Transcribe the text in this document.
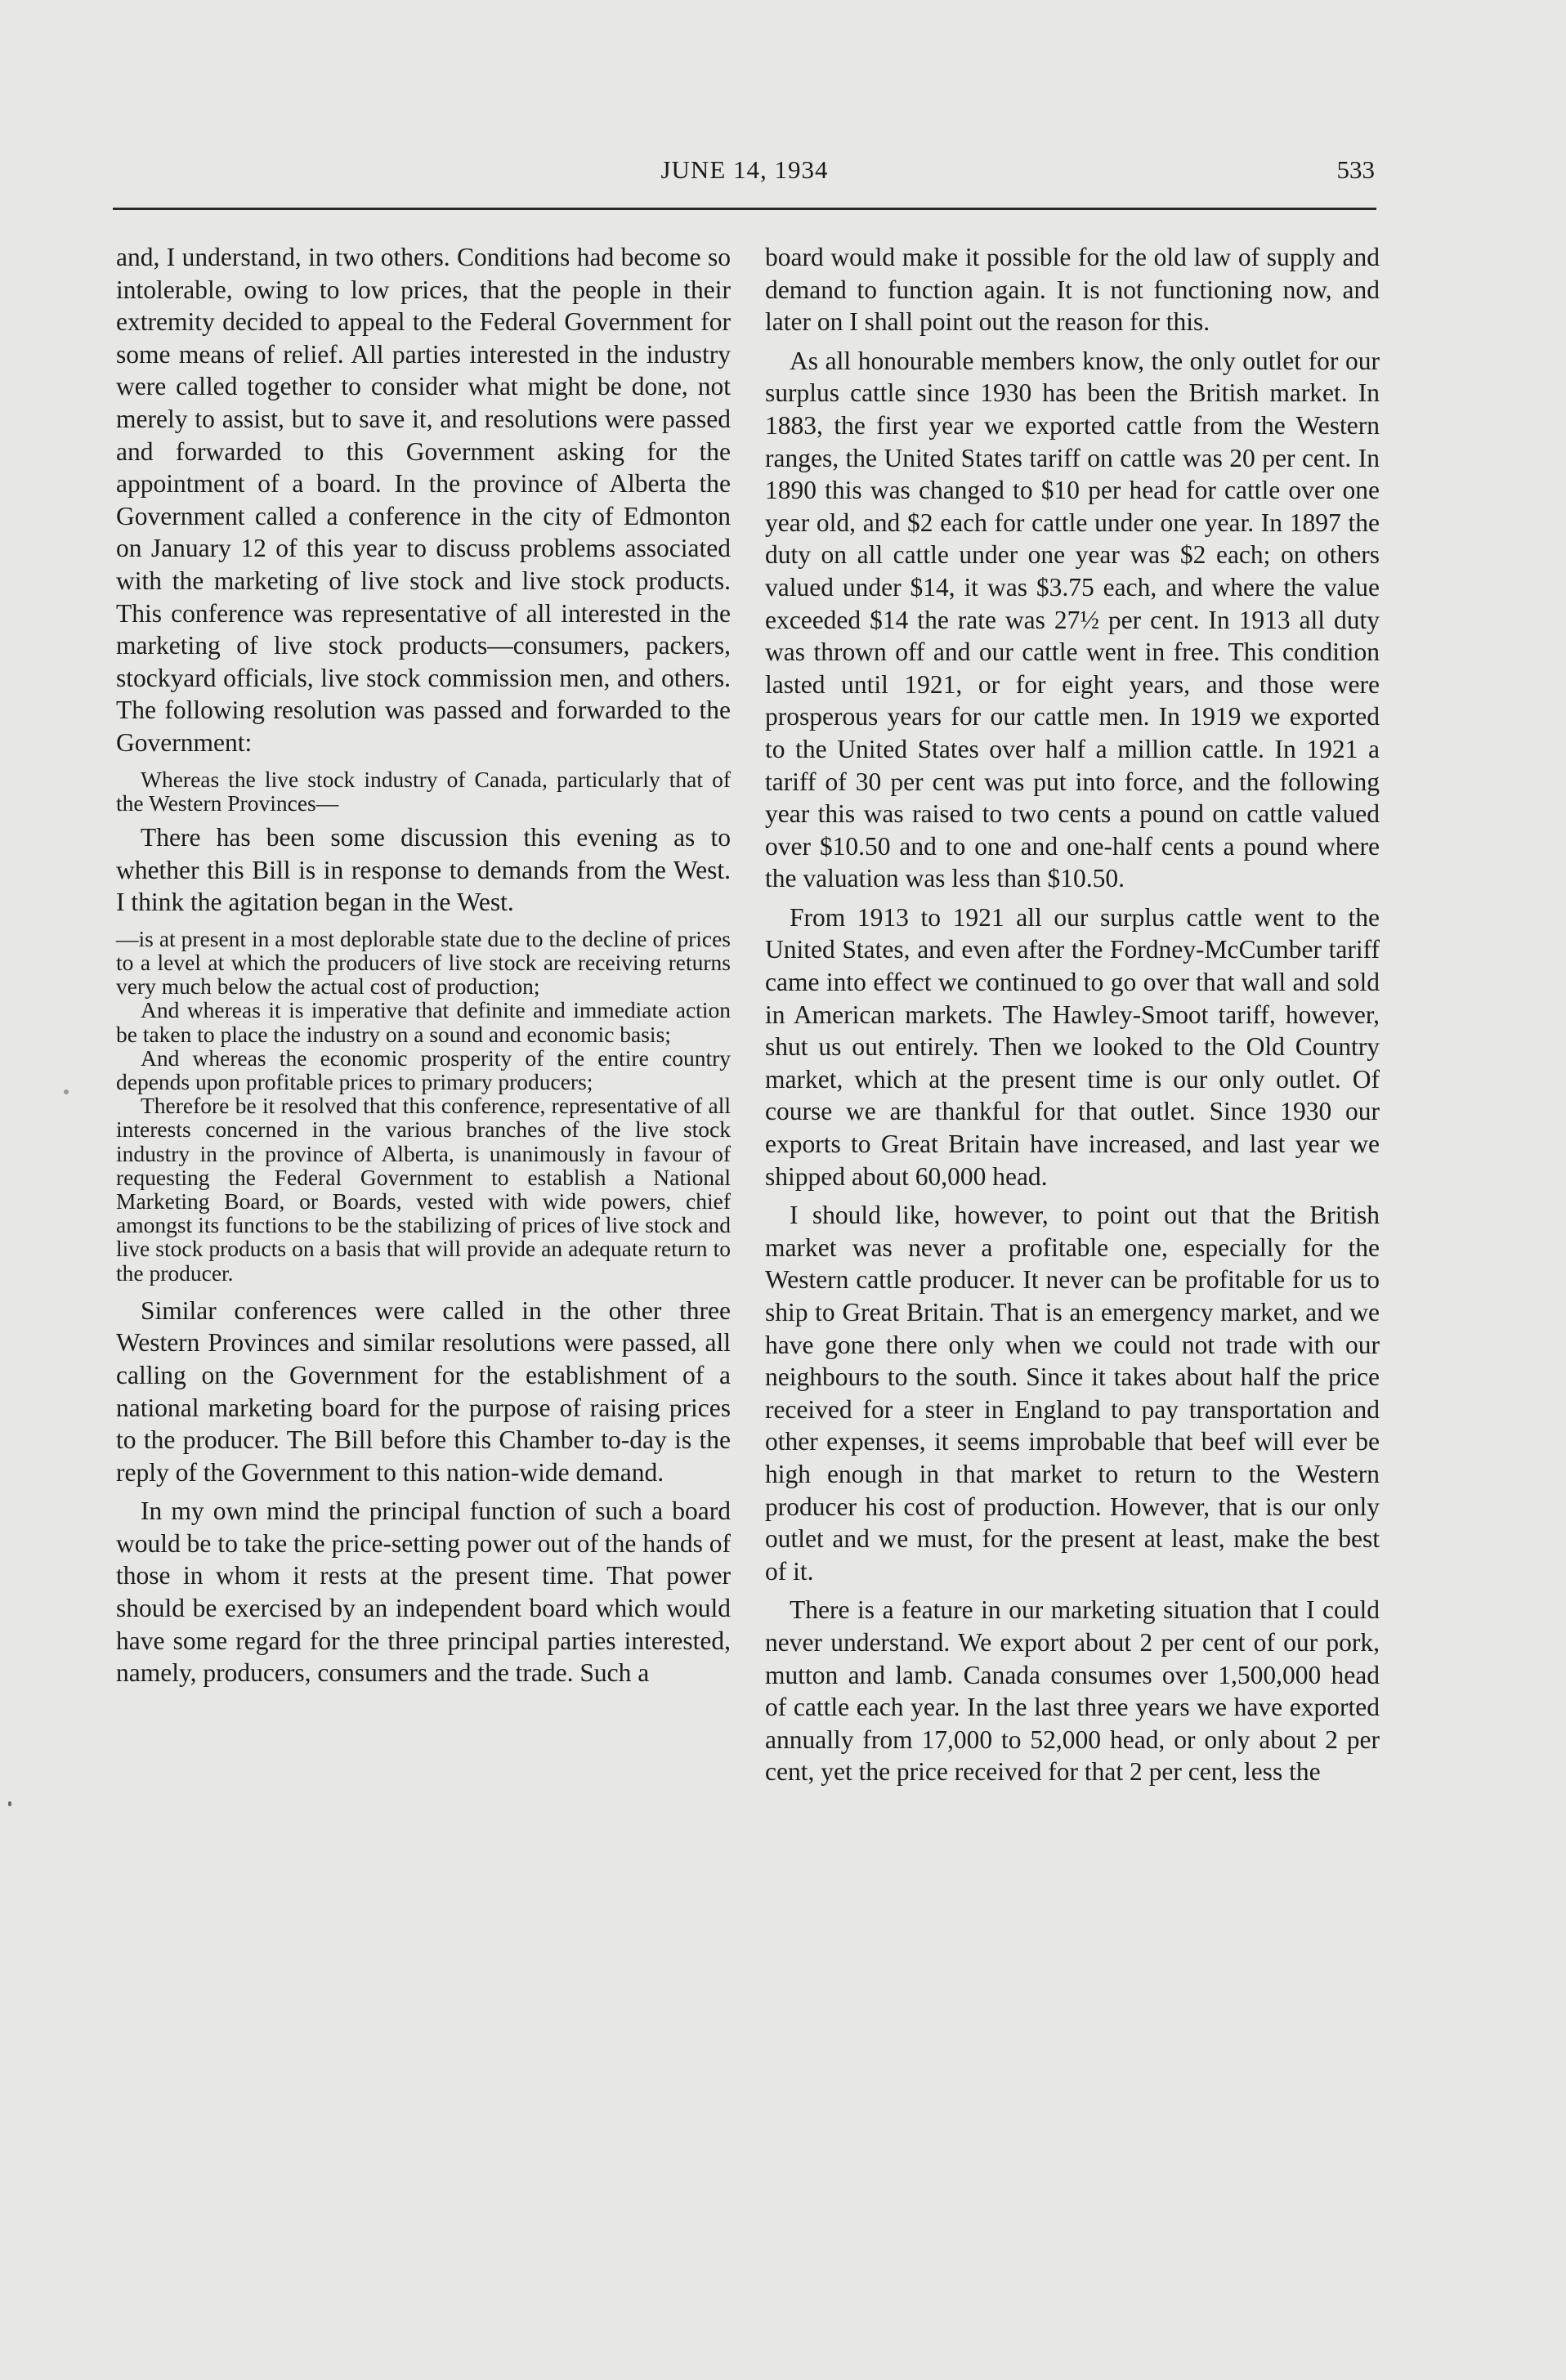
JUNE 14, 1934	533

and, I understand, in two others. Conditions had become so intolerable, owing to low prices, that the people in their extremity decided to appeal to the Federal Government for some means of relief. All parties interested in the industry were called together to consider what might be done, not merely to assist, but to save it, and resolutions were passed and forwarded to this Government asking for the appointment of a board. In the province of Alberta the Government called a conference in the city of Edmonton on January 12 of this year to discuss problems associated with the marketing of live stock and live stock products. This conference was representative of all interested in the marketing of live stock products—consumers, packers, stockyard officials, live stock commission men, and others. The following resolution was passed and forwarded to the Government:

Whereas the live stock industry of Canada, particularly that of the Western Provinces—

There has been some discussion this evening as to whether this Bill is in response to demands from the West. I think the agitation began in the West.

—is at present in a most deplorable state due to the decline of prices to a level at which the producers of live stock are receiving returns very much below the actual cost of production;

And whereas it is imperative that definite and immediate action be taken to place the industry on a sound and economic basis;

And whereas the economic prosperity of the entire country depends upon profitable prices to primary producers;

Therefore be it resolved that this conference, representative of all interests concerned in the various branches of the live stock industry in the province of Alberta, is unanimously in favour of requesting the Federal Government to establish a National Marketing Board, or Boards, vested with wide powers, chief amongst its functions to be the stabilizing of prices of live stock and live stock products on a basis that will provide an adequate return to the producer.

Similar conferences were called in the other three Western Provinces and similar resolutions were passed, all calling on the Government for the establishment of a national marketing board for the purpose of raising prices to the producer. The Bill before this Chamber to-day is the reply of the Government to this nation-wide demand.

In my own mind the principal function of such a board would be to take the price-setting power out of the hands of those in whom it rests at the present time. That power should be exercised by an independent board which would have some regard for the three principal parties interested, namely, producers, consumers and the trade. Such a

board would make it possible for the old law of supply and demand to function again. It is not functioning now, and later on I shall point out the reason for this.

As all honourable members know, the only outlet for our surplus cattle since 1930 has been the British market. In 1883, the first year we exported cattle from the Western ranges, the United States tariff on cattle was 20 per cent. In 1890 this was changed to $10 per head for cattle over one year old, and $2 each for cattle under one year. In 1897 the duty on all cattle under one year was $2 each; on others valued under $14, it was $3.75 each, and where the value exceeded $14 the rate was 27½ per cent. In 1913 all duty was thrown off and our cattle went in free. This condition lasted until 1921, or for eight years, and those were prosperous years for our cattle men. In 1919 we exported to the United States over half a million cattle. In 1921 a tariff of 30 per cent was put into force, and the following year this was raised to two cents a pound on cattle valued over $10.50 and to one and one-half cents a pound where the valuation was less than $10.50.

From 1913 to 1921 all our surplus cattle went to the United States, and even after the Fordney-McCumber tariff came into effect we continued to go over that wall and sold in American markets. The Hawley-Smoot tariff, however, shut us out entirely. Then we looked to the Old Country market, which at the present time is our only outlet. Of course we are thankful for that outlet. Since 1930 our exports to Great Britain have increased, and last year we shipped about 60,000 head.

I should like, however, to point out that the British market was never a profitable one, especially for the Western cattle producer. It never can be profitable for us to ship to Great Britain. That is an emergency market, and we have gone there only when we could not trade with our neighbours to the south. Since it takes about half the price received for a steer in England to pay transportation and other expenses, it seems improbable that beef will ever be high enough in that market to return to the Western producer his cost of production. However, that is our only outlet and we must, for the present at least, make the best of it.

There is a feature in our marketing situation that I could never understand. We export about 2 per cent of our pork, mutton and lamb. Canada consumes over 1,500,000 head of cattle each year. In the last three years we have exported annually from 17,000 to 52,000 head, or only about 2 per cent, yet the price received for that 2 per cent, less the
